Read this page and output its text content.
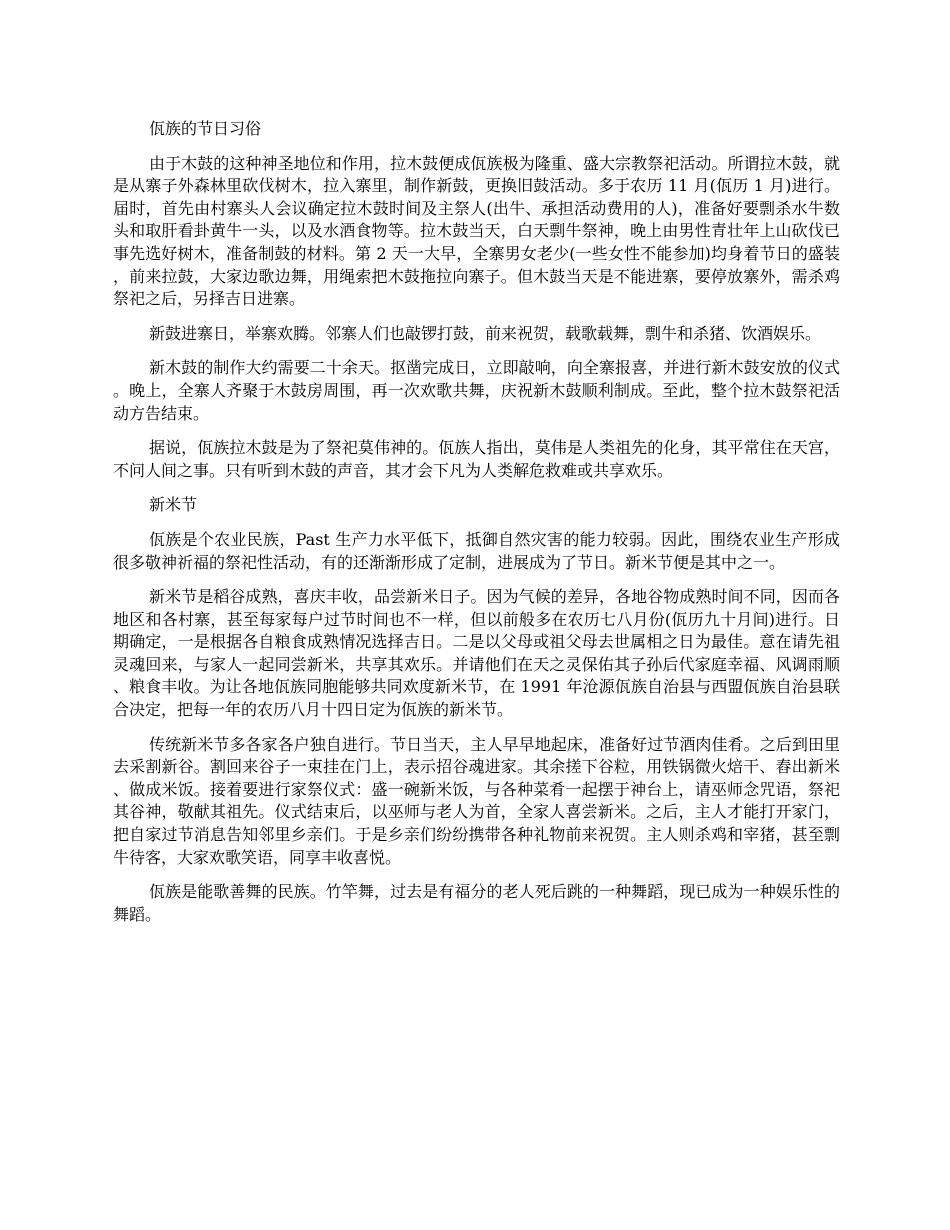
佤族的节日习俗

由于木鼓的这种神圣地位和作用，拉木鼓便成佤族极为隆重、盛大宗教祭祀活动。所谓拉木鼓，就是从寨子外森林里砍伐树木，拉入寨里，制作新鼓，更换旧鼓活动。多于农历 11 月(佤历 1 月)进行。届时，首先由村寨头人会议确定拉木鼓时间及主祭人(出牛、承担活动费用的人)，准备好要剽杀水牛数头和取肝看卦黄牛一头，以及水酒食物等。拉木鼓当天，白天剽牛祭神，晚上由男性青壮年上山砍伐已事先选好树木，准备制鼓的材料。第 2 天一大早，全寨男女老少(一些女性不能参加)均身着节日的盛装，前来拉鼓，大家边歌边舞，用绳索把木鼓拖拉向寨子。但木鼓当天是不能进寨，要停放寨外，需杀鸡祭祀之后，另择吉日进寨。

新鼓进寨日，举寨欢腾。邻寨人们也敲锣打鼓，前来祝贺，载歌载舞，剽牛和杀猪、饮酒娱乐。

新木鼓的制作大约需要二十余天。抠凿完成日，立即敲响，向全寨报喜，并进行新木鼓安放的仪式。晚上，全寨人齐聚于木鼓房周围，再一次欢歌共舞，庆祝新木鼓顺利制成。至此，整个拉木鼓祭祀活动方告结束。

据说，佤族拉木鼓是为了祭祀莫伟神的。佤族人指出，莫伟是人类祖先的化身，其平常住在天宫，不问人间之事。只有听到木鼓的声音，其才会下凡为人类解危救难或共享欢乐。

新米节

佤族是个农业民族，Past 生产力水平低下，抵御自然灾害的能力较弱。因此，围绕农业生产形成很多敬神祈福的祭祀性活动，有的还渐渐形成了定制，进展成为了节日。新米节便是其中之一。

新米节是稻谷成熟，喜庆丰收，品尝新米日子。因为气候的差异，各地谷物成熟时间不同，因而各地区和各村寨，甚至每家每户过节时间也不一样，但以前般多在农历七八月份(佤历九十月间)进行。日期确定，一是根据各自粮食成熟情况选择吉日。二是以父母或祖父母去世属相之日为最佳。意在请先祖灵魂回来，与家人一起同尝新米，共享其欢乐。并请他们在天之灵保佑其子孙后代家庭幸福、风调雨顺、粮食丰收。为让各地佤族同胞能够共同欢度新米节，在 1991 年沧源佤族自治县与西盟佤族自治县联合决定，把每一年的农历八月十四日定为佤族的新米节。

传统新米节多各家各户独自进行。节日当天，主人早早地起床，准备好过节酒肉佳肴。之后到田里去采割新谷。割回来谷子一束挂在门上，表示招谷魂进家。其余搓下谷粒，用铁锅微火焙干、舂出新米、做成米饭。接着要进行家祭仪式：盛一碗新米饭，与各种菜肴一起摆于神台上，请巫师念咒语，祭祀其谷神，敬献其祖先。仪式结束后，以巫师与老人为首，全家人喜尝新米。之后，主人才能打开家门，把自家过节消息告知邻里乡亲们。于是乡亲们纷纷携带各种礼物前来祝贺。主人则杀鸡和宰猪，甚至剽牛待客，大家欢歌笑语，同享丰收喜悦。

佤族是能歌善舞的民族。竹竿舞，过去是有福分的老人死后跳的一种舞蹈，现已成为一种娱乐性的舞蹈。
